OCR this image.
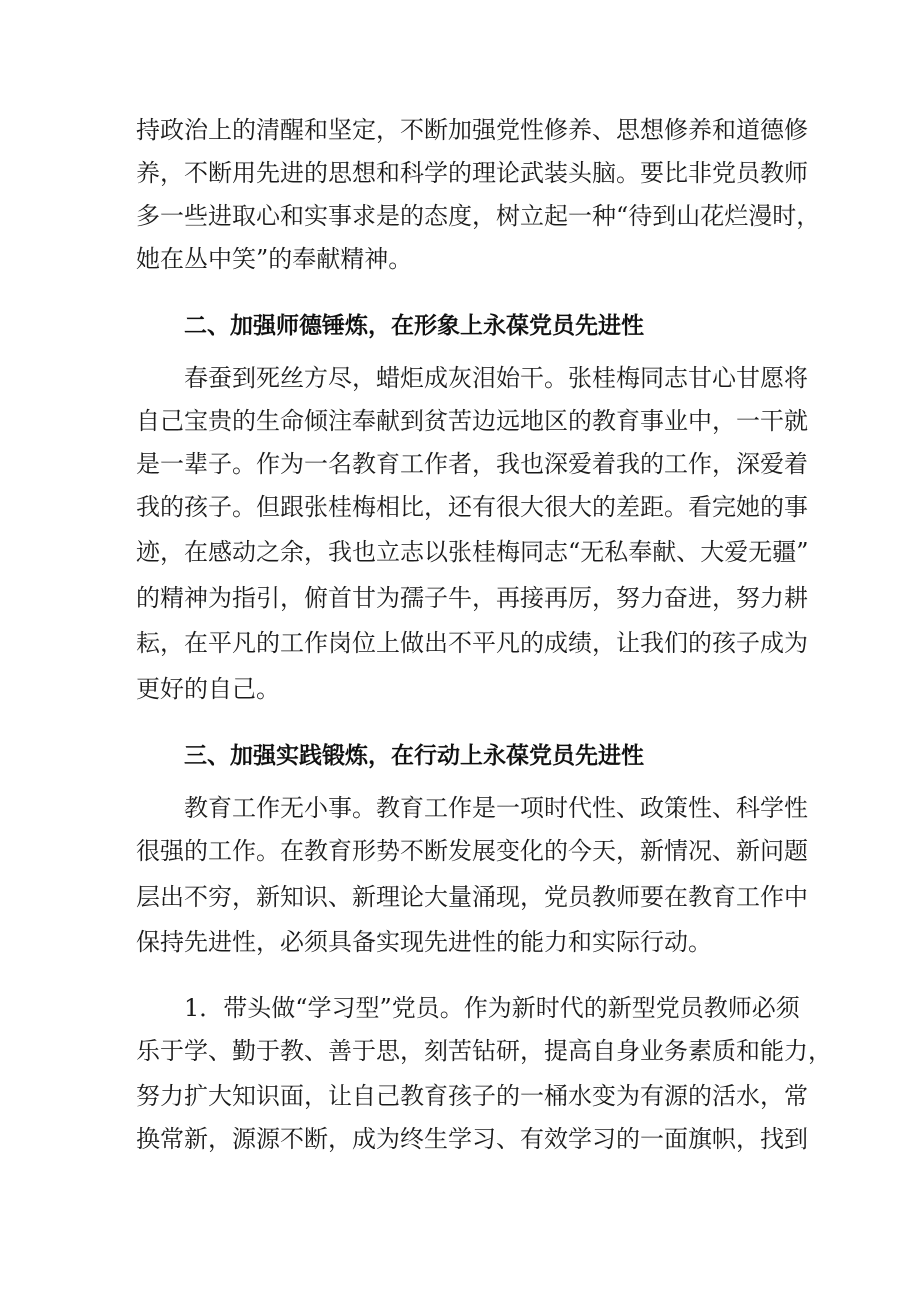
持政治上的清醒和坚定，不断加强党性修养、思想修养和道德修
养，不断用先进的思想和科学的理论武装头脑。要比非党员教师
多一些进取心和实事求是的态度，树立起一种“待到山花烂漫时，
她在丛中笑”的奉献精神。
二、加强师德锤炼，在形象上永葆党员先进性
春蚕到死丝方尽，蜡炬成灰泪始干。张桂梅同志甘心甘愿将
自己宝贵的生命倾注奉献到贫苦边远地区的教育事业中，一干就
是一辈子。作为一名教育工作者，我也深爱着我的工作，深爱着
我的孩子。但跟张桂梅相比，还有很大很大的差距。看完她的事
迹，在感动之余，我也立志以张桂梅同志“无私奉献、大爱无疆”
的精神为指引，俯首甘为孺子牛，再接再厉，努力奋进，努力耕
耘，在平凡的工作岗位上做出不平凡的成绩，让我们的孩子成为
更好的自己。
三、加强实践锻炼，在行动上永葆党员先进性
教育工作无小事。教育工作是一项时代性、政策性、科学性
很强的工作。在教育形势不断发展变化的今天，新情况、新问题
层出不穷，新知识、新理论大量涌现，党员教师要在教育工作中
保持先进性，必须具备实现先进性的能力和实际行动。
1．带头做“学习型”党员。作为新时代的新型党员教师必须
乐于学、勤于教、善于思，刻苦钻研，提高自身业务素质和能力，
努力扩大知识面，让自己教育孩子的一桶水变为有源的活水，常
换常新，源源不断，成为终生学习、有效学习的一面旗帜，找到
